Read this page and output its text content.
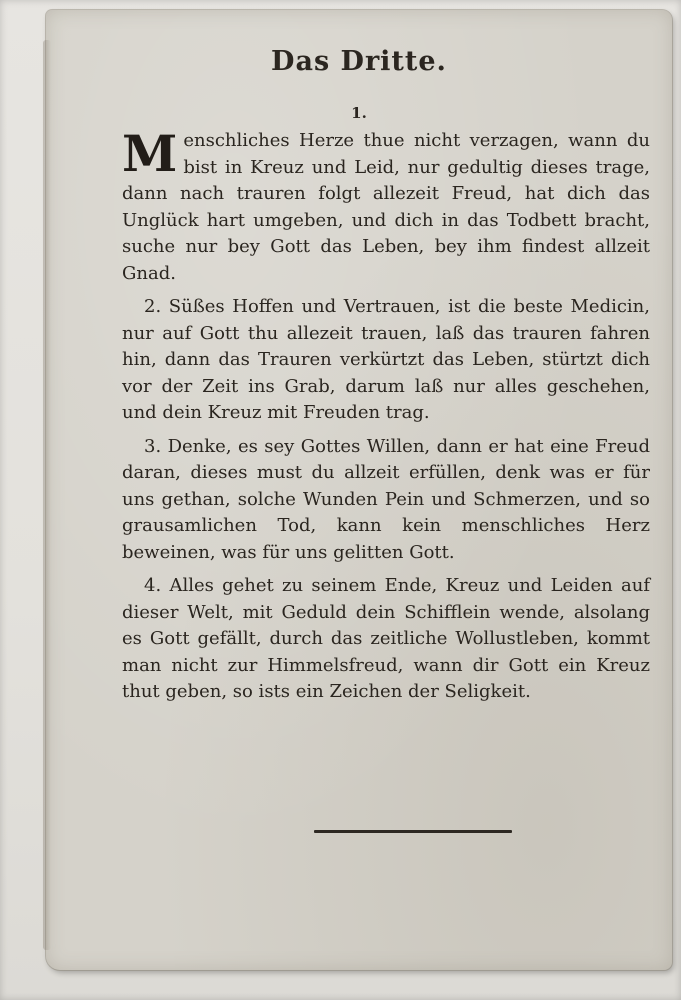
Das Dritte.
1.

Menschliches Herze thue nicht verzagen, wann du bist in Kreuz und Leid, nur gedultig dieses trage, dann nach trauren folgt allezeit Freud, hat dich das Unglück hart umgeben, und dich in das Todbett bracht, suche nur bey Gott das Leben, bey ihm findest allzeit Gnad.

2. Süßes Hoffen und Vertrauen, ist die beste Medicin, nur auf Gott thu allezeit trauen, laß das trauren fahren hin, dann das Trauren verkürtzt das Leben, stürtzt dich vor der Zeit ins Grab, darum laß nur alles geschehen, und dein Kreuz mit Freuden trag.

3. Denke, es sey Gottes Willen, dann er hat eine Freud daran, dieses must du allzeit erfüllen, denk was er für uns gethan, solche Wunden Pein und Schmerzen, und so grausamlichen Tod, kann kein menschliches Herz beweinen, was für uns gelitten Gott.

4. Alles gehet zu seinem Ende, Kreuz und Leiden auf dieser Welt, mit Geduld dein Schifflein wende, alsolang es Gott gefällt, durch das zeitliche Wollustleben, kommt man nicht zur Himmelsfreud, wann dir Gott ein Kreuz thut geben, so ists ein Zeichen der Seligkeit.
